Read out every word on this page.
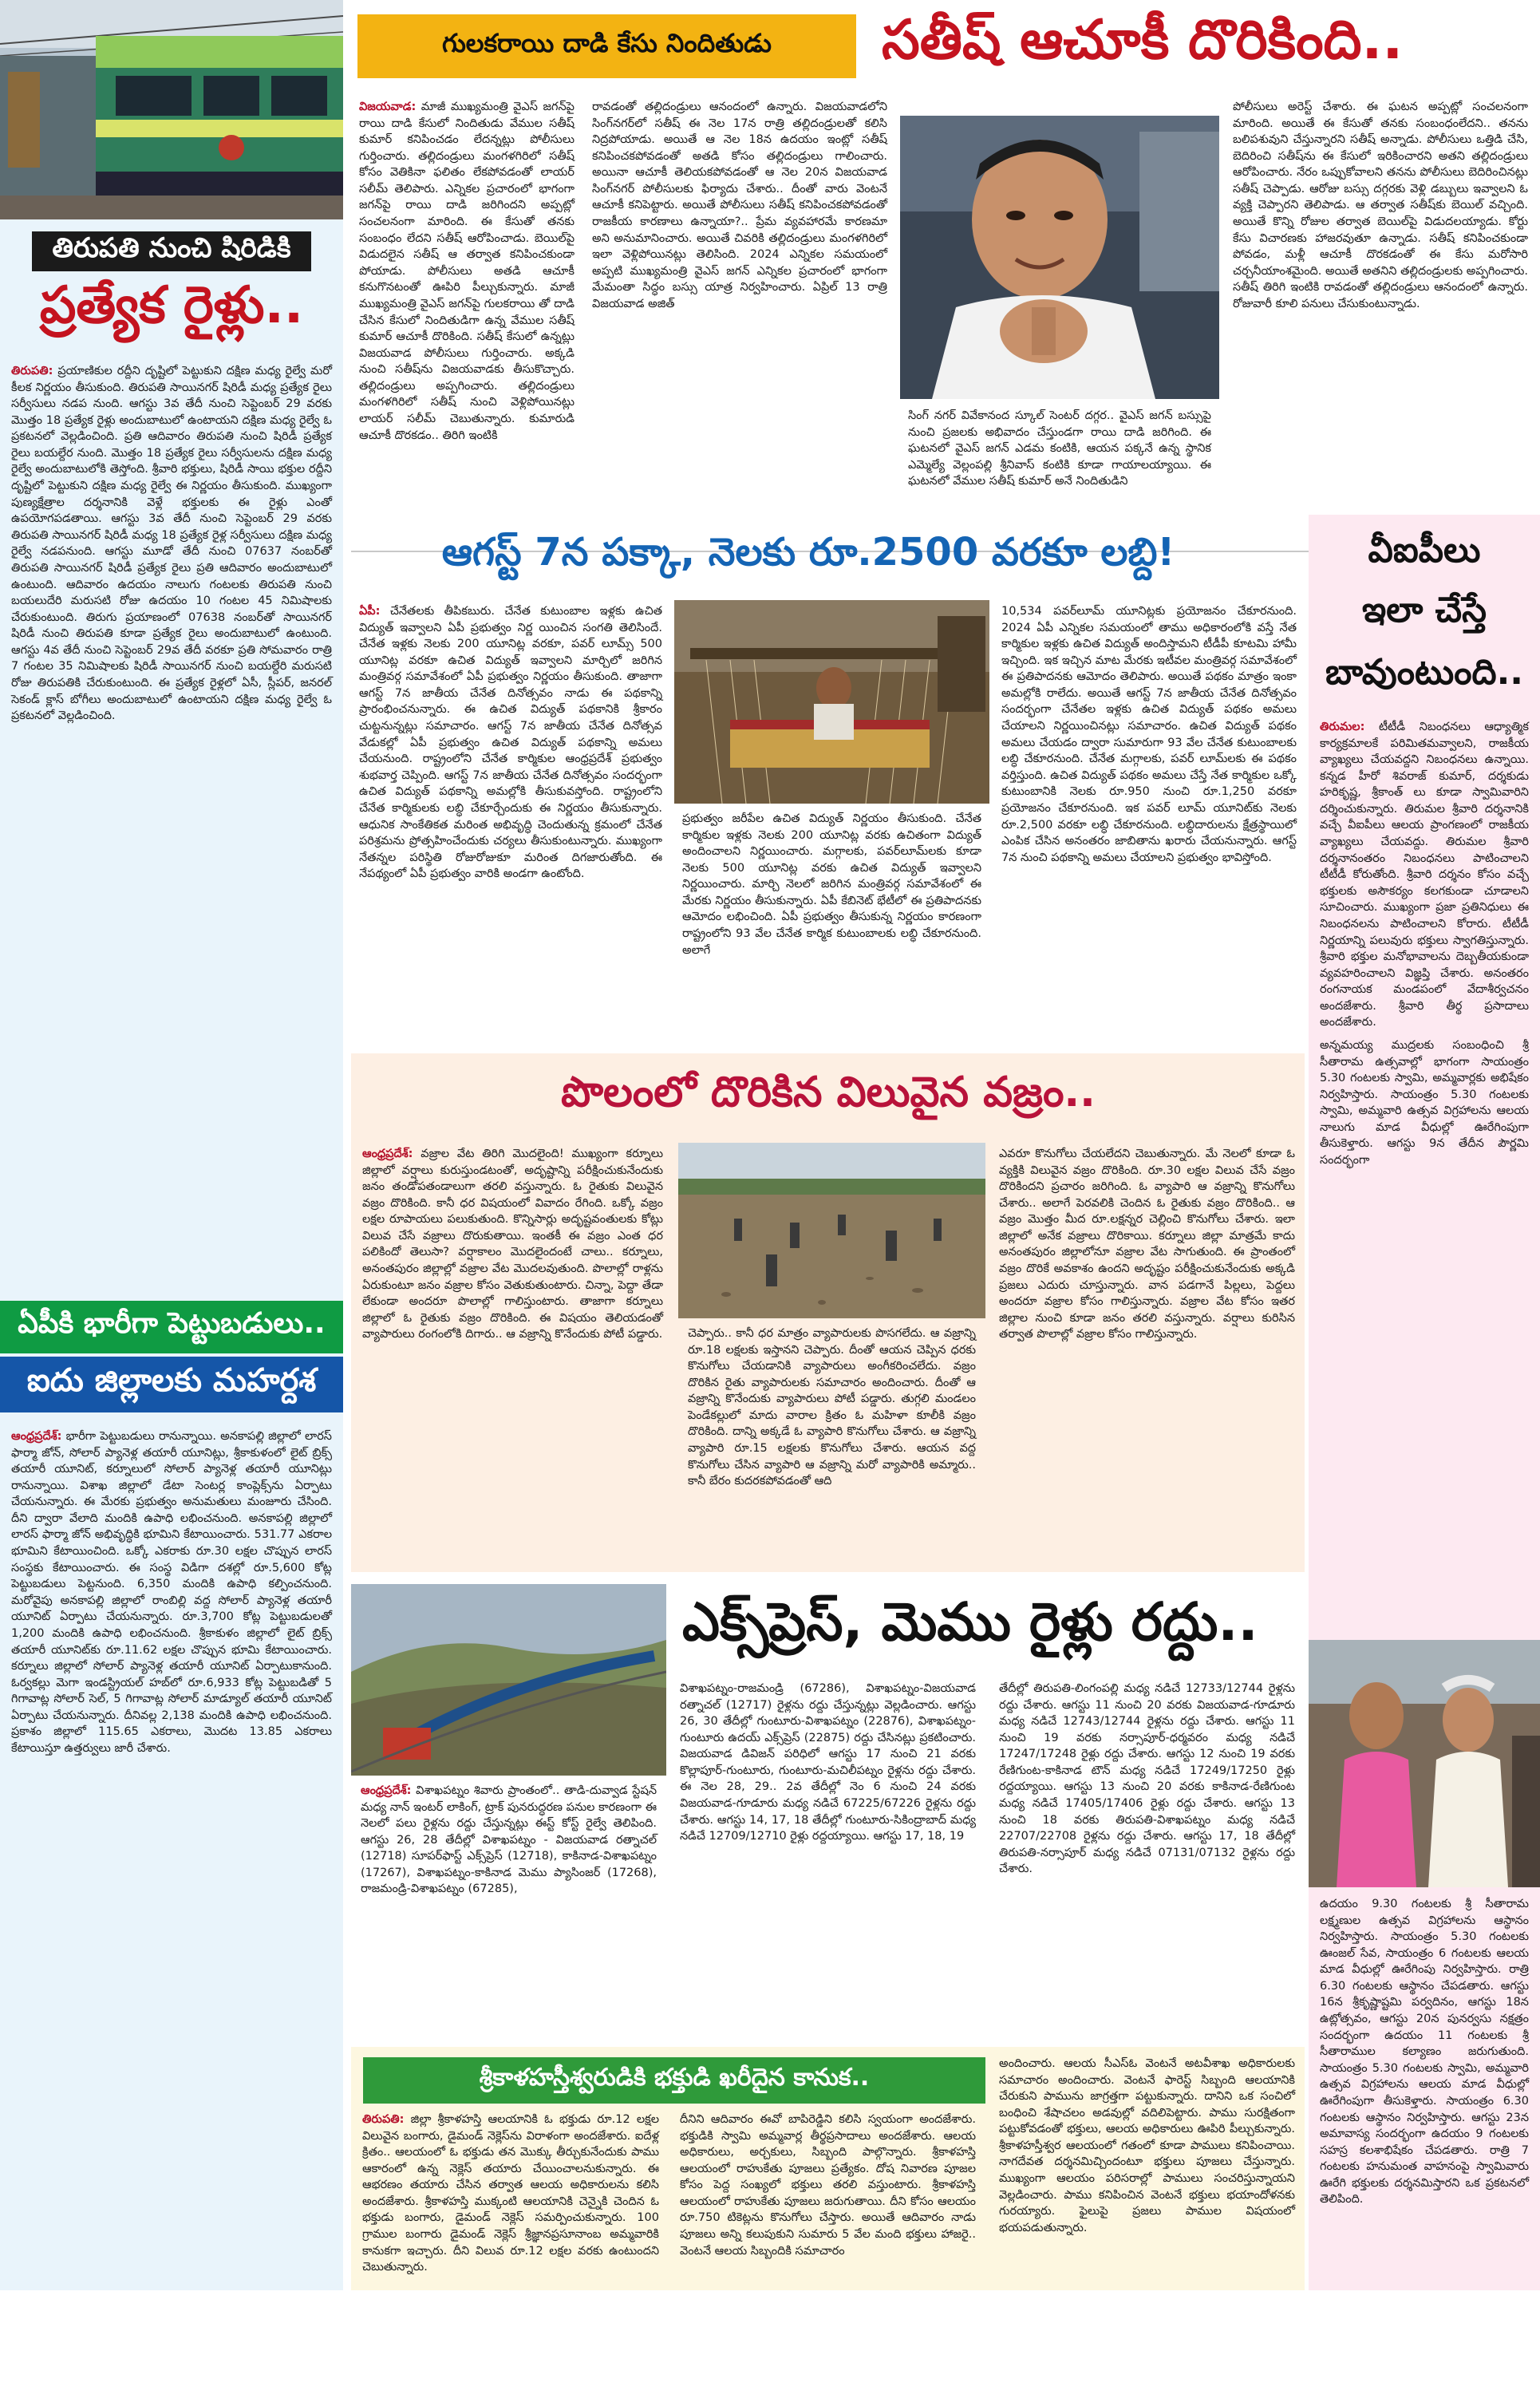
తిరుపతి నుంచి షిరిడికి
ప్రత్యేక రైళ్లు..
తిరుపతి: ప్రయాణికుల రద్దీని దృష్టిలో పెట్టుకుని దక్షిణ మధ్య రైల్వే మరో కీలక నిర్ణయం తీసుకుంది. తిరుపతి సాయినగర్ షిరిడీ మధ్య ప్రత్యేక రైలు సర్వీసులు నడప నుంది. ఆగస్టు 3వ తేదీ నుంచి సెప్టెంబర్ 29 వరకు మొత్తం 18 ప్రత్యేక రైళ్లు అందుబాటులో ఉంటాయని దక్షిణ మధ్య రైల్వే ఓ ప్రకటనలో వెల్లడించింది. ప్రతి ఆదివారం తిరుపతి నుంచి షిరిడీ ప్రత్యేక రైలు బయల్దేర నుంది. మొత్తం 18 ప్రత్యేక రైలు సర్వీసులను దక్షిణ మధ్య రైల్వే అందుబాటులోకి తెస్తోంది. శ్రీవారి భక్తులు, షిరిడీ సాయి భక్తుల రద్దీని దృష్టిలో పెట్టుకుని దక్షిణ మధ్య రైల్వే ఈ నిర్ణయం తీసుకుంది. ముఖ్యంగా పుణ్యక్షేత్రాల దర్శనానికి వెళ్లే భక్తులకు ఈ రైళ్లు ఎంతో ఉపయోగపడతాయి. ఆగస్టు 3వ తేదీ నుంచి సెప్టెంబర్ 29 వరకు తిరుపతి సాయినగర్ షిరిడీ మధ్య 18 ప్రత్యేక రైళ్ల సర్వీసులు దక్షిణ మధ్య రైల్వే నడపనుంది. ఆగస్టు మూడో తేదీ నుంచి 07637 నంబర్‌తో తిరుపతి సాయినగర్ షిరిడీ ప్రత్యేక రైలు ప్రతి ఆదివారం అందుబాటులో ఉంటుంది. ఆదివారం ఉదయం నాలుగు గంటలకు తిరుపతి నుంచి బయలుదేరి మరుసటి రోజు ఉదయం 10 గంటల 45 నిమిషాలకు చేరుకుంటుంది. తిరుగు ప్రయాణంలో 07638 నంబర్‌తో సాయినగర్ షిరిడీ నుంచి తిరుపతి కూడా ప్రత్యేక రైలు అందుబాటులో ఉంటుంది. ఆగస్టు 4వ తేదీ నుంచి సెప్టెంబర్ 29వ తేదీ వరకూ ప్రతి సోమవారం రాత్రి 7 గంటల 35 నిమిషాలకు షిరిడీ సాయినగర్ నుంచి బయల్దేరి మరుసటి రోజు తిరుపతికి చేరుకుంటుంది. ఈ ప్రత్యేక రైళ్లలో ఏసీ, స్లీపర్, జనరల్ సెకండ్ క్లాస్ బోగీలు అందుబాటులో ఉంటాయని దక్షిణ మధ్య రైల్వే ఓ ప్రకటనలో వెల్లడించింది.
ఏపీకి భారీగా పెట్టుబడులు..
ఐదు జిల్లాలకు మహర్దశ
ఆంధ్రప్రదేశ్: భారీగా పెట్టుబడులు రానున్నాయి. అనకాపల్లి జిల్లాలో లారస్ ఫార్మా జోన్, సోలార్ ప్యానెళ్ల తయారీ యూనిట్లు, శ్రీకాకుళంలో లైట్ బ్రిక్స్ తయారీ యూనిట్, కర్నూలులో సోలార్ ప్యానెళ్ల తయారీ యూనిట్లు రానున్నాయి. విశాఖ జిల్లాలో డేటా సెంటర్ల కాంప్లెక్స్‌ను ఏర్పాటు చేయనున్నారు. ఈ మేరకు ప్రభుత్వం అనుమతులు మంజూరు చేసింది. దీని ద్వారా వేలాది మందికి ఉపాధి లభించనుంది. అనకాపల్లి జిల్లాలో లారస్ ఫార్మా జోన్ అభివృద్ధికి భూమిని కేటాయించారు. 531.77 ఎకరాల భూమిని కేటాయించింది. ఒక్కో ఎకరాకు రూ.30 లక్షల చొప్పున లారస్ సంస్థకు కేటాయించారు. ఈ సంస్థ విడిగా దశల్లో రూ.5,600 కోట్ల పెట్టుబడులు పెట్టనుంది. 6,350 మందికి ఉపాధి కల్పించనుంది. మరోవైపు అనకాపల్లి జిల్లాలో రాంబిల్లి వద్ద సోలార్ ప్యానెళ్ల తయారీ యూనిట్ ఏర్పాటు చేయనున్నారు. రూ.3,700 కోట్ల పెట్టుబడులతో 1,200 మందికి ఉపాధి లభించనుంది. శ్రీకాకుళం జిల్లాలో లైట్ బ్రిక్స్ తయారీ యూనిట్‌కు రూ.11.62 లక్షల చొప్పున భూమి కేటాయించారు. కర్నూలు జిల్లాలో సోలార్ ప్యానెళ్ల తయారీ యూనిట్ ఏర్పాటుకానుంది. ఓర్వకల్లు మెగా ఇండస్ట్రియల్ హబ్‌లో రూ.6,933 కోట్ల పెట్టుబడితో 5 గిగావాట్ల సోలార్ సెల్, 5 గిగావాట్ల సోలార్ మాడ్యూల్ తయారీ యూనిట్ ఏర్పాటు చేయనున్నారు. దీనివల్ల 2,138 మందికి ఉపాధి లభించనుంది. ప్రకాశం జిల్లాలో 115.65 ఎకరాలు, మొదట 13.85 ఎకరాలు కేటాయిస్తూ ఉత్తర్వులు జారీ చేశారు.
గులకరాయి దాడి కేసు నిందితుడు	సతీష్ ఆచూకీ దొరికింది..
విజయవాడ: మాజీ ముఖ్యమంత్రి వైఎస్ జగన్‌పై రాయి దాడి కేసులో నిందితుడు వేముల సతీష్ కుమార్ కనిపించడం లేదన్నట్లు పోలీసులు గుర్తించారు. తల్లిదండ్రులు మంగళగిరి‌లో సతీష్ కోసం వెతికినా ఫలితం లేకపోవడంతో లాయర్ సలీమ్ తెలిపారు. ఎన్నికల ప్రచారంలో భాగంగా జగన్‌పై రాయి దాడి జరిగిందని అప్పట్లో సంచలనంగా మారింది. ఈ కేసుతో తనకు సంబంధం లేదని సతీష్ ఆరోపించాడు. బెయిల్‌పై విడుదలైన సతీష్ ఆ తర్వాత కనిపించకుండా పోయాడు. పోలీసులు అతడి ఆచూకీ కనుగొనటంతో ఊపిరి పీల్చుకున్నారు. మాజీ ముఖ్యమంత్రి వైఎస్ జగన్‌పై గులకరాయి తో దాడి చేసిన కేసులో నిందితుడిగా ఉన్న వేముల సతీష్ కుమార్ ఆచూకీ దొరికింది. సతీష్ కేసులో ఉన్నట్లు విజయవాడ పోలీసులు గుర్తించారు. అక్కడి నుంచి సతీష్‌ను విజయవాడకు తీసుకొచ్చారు. తల్లిదండ్రులు అప్పగించారు. తల్లిదండ్రులు మంగళగిరిలో సతీష్ నుంచి వెళ్లిపోయినట్లు లాయర్ సలీమ్ చెబుతున్నారు. కుమారుడి ఆచూకీ దొరకడం.. తిరిగి ఇంటికి
రావడంతో తల్లిదండ్రులు ఆనందంలో ఉన్నారు. విజయవాడలోని సింగ్‌నగర్‌లో సతీష్ ఈ నెల 17న రాత్రి తల్లిదండ్రులతో కలిసి నిద్రపోయాడు. అయితే ఆ నెల 18న ఉదయం ఇంట్లో సతీష్ కనిపించకపోవడంతో అతడి కోసం తల్లిదండ్రులు గాలించారు. అయినా ఆచూకీ తెలియకపోవడంతో ఆ నెల 20న విజయవాడ సింగ్‌నగర్ పోలీసులకు ఫిర్యాదు చేశారు.. దీంతో వారు వెంటనే ఆచూకీ కనిపెట్టారు. అయితే పోలీసులు సతీష్ కనిపించకపోవడంతో రాజకీయ కారణాలు ఉన్నాయా?.. ప్రేమ వ్యవహారమే కారణమా అని అనుమానించారు. అయితే చివరికి తల్లిదండ్రులు మంగళగిరిలో ఇలా వెళ్లిపోయినట్లు తెలిసింది. 2024 ఎన్నికల సమయంలో అప్పటి ముఖ్యమంత్రి వైఎస్ జగన్ ఎన్నికల ప్రచారంలో భాగంగా మేమంతా సిద్ధం బస్సు యాత్ర నిర్వహించారు. ఏప్రిల్ 13 రాత్రి విజయవాడ అజిత్
సింగ్ నగర్ వివేకానంద స్కూల్ సెంటర్ దగ్గర.. వైఎస్ జగన్ బస్సుపై నుంచి ప్రజలకు అభివాదం చేస్తుండగా రాయి దాడి జరిగింది. ఈ ఘటనలో వైఎస్ జగన్ ఎడమ కంటికి, ఆయన పక్కనే ఉన్న స్థానిక ఎమ్మెల్యే వెల్లంపల్లి శ్రీనివాస్ కంటికి కూడా గాయాలయ్యాయి. ఈ ఘటనలో వేముల సతీష్ కుమార్ అనే నిందితుడిని
పోలీసులు అరెస్ట్ చేశారు. ఈ ఘటన అప్పట్లో సంచలనంగా మారింది. అయితే ఈ కేసుతో తనకు సంబంధంలేదని.. తనను బలిపశువుని చేస్తున్నారని సతీష్ అన్నాడు. పోలీసులు ఒత్తిడి చేసి, బెదిరించి సతీష్‌ను ఈ కేసులో ఇరికించారని అతని తల్లిదండ్రులు ఆరోపించారు. నేరం ఒప్పుకోవాలని తనను పోలీసులు బెదిరించినట్లు సతీష్ చెప్పాడు. ఆరోజు బస్సు దగ్గరకు వెళ్లి డబ్బులు ఇవ్వాలని ఓ వ్యక్తి చెప్పారని తెలిపాడు. ఆ తర్వాత సతీష్‌కు బెయిల్ వచ్చింది. అయితే కొన్ని రోజుల తర్వాత బెయిల్‌పై విడుదలయ్యాడు. కోర్టు కేసు విచారణకు హాజరవుతూ ఉన్నాడు. సతీష్ కనిపించకుండా పోవడం, మళ్లీ ఆచూకీ దొరకడంతో ఈ కేసు మరోసారి చర్చనీయాంశమైంది. అయితే అతనిని తల్లిదండ్రులకు అప్పగించారు. సతీష్ తిరిగి ఇంటికి రావడంతో తల్లిదండ్రులు ఆనందంలో ఉన్నారు. రోజువారీ కూలి పనులు చేసుకుంటున్నాడు.
ఆగస్ట్ 7న పక్కా, నెలకు రూ.2500 వరకూ లబ్ది!
ఏపీ: చేనేతలకు తీపికబురు. చేనేత కుటుంబాల ఇళ్లకు ఉచిత విద్యుత్ ఇవ్వాలని ఏపీ ప్రభుత్వం నిర్ణ యించిన సంగతి తెలిసిందే. చేనేత ఇళ్లకు నెలకు 200 యూనిట్ల వరకూ, పవర్ లూమ్స్ 500 యూనిట్ల వరకూ ఉచిత విద్యుత్ ఇవ్వాలని మార్చిలో జరిగిన మంత్రివర్గ సమావేశంలో ఏపీ ప్రభుత్వం నిర్ణయం తీసుకుంది. తాజాగా ఆగస్ట్ 7న జాతీయ చేనేత దినోత్సవం నాడు ఈ పథకాన్ని ప్రారంభించనున్నారు. ఈ ఉచిత విద్యుత్ పథకానికి శ్రీకారం చుట్టనున్నట్లు సమాచారం. ఆగస్ట్ 7న జాతీయ చేనేత దినోత్సవ వేడుకల్లో ఏపీ ప్రభుత్వం ఉచిత విద్యుత్ పథకాన్ని అమలు చేయనుంది. రాష్ట్రంలోని చేనేత కార్మికుల ఆంధ్రప్రదేశ్ ప్రభుత్వం శుభవార్త చెప్పింది. ఆగస్ట్ 7న జాతీయ చేనేత దినోత్సవం సందర్భంగా ఉచిత విద్యుత్ పథకాన్ని అమల్లోకి తీసుకువస్తోంది. రాష్ట్రంలోని చేనేత కార్మికులకు లబ్ధి చేకూర్చేందుకు ఈ నిర్ణయం తీసుకున్నారు. ఆధునిక సాంకేతికత మరింత అభివృద్ధి చెందుతున్న క్రమంలో చేనేత పరిశ్రమను ప్రోత్సహించేందుకు చర్యలు తీసుకుంటున్నారు. ముఖ్యంగా నేతన్నల పరిస్థితి రోజురోజుకూ మరింత దిగజారుతోంది. ఈ నేపథ్యంలో ఏపీ ప్రభుత్వం వారికి అండగా ఉంటోంది.
ప్రభుత్వం జరీపేల ఉచిత విద్యుత్ నిర్ణయం తీసుకుంది. చేనేత కార్మికుల ఇళ్లకు నెలకు 200 యూనిట్ల వరకు ఉచితంగా విద్యుత్ అందించాలని నిర్ణయించారు. మగ్గాలకు, పవర్‌లూమ్‌లకు కూడా నెలకు 500 యూనిట్ల వరకు ఉచిత విద్యుత్ ఇవ్వాలని నిర్ణయించారు. మార్చి నెలలో జరిగిన మంత్రివర్గ సమావేశంలో ఈ మేరకు నిర్ణయం తీసుకున్నారు. ఏపీ కేబినెట్ భేటీలో ఈ ప్రతిపాదనకు ఆమోదం లభించింది. ఏపీ ప్రభుత్వం తీసుకున్న నిర్ణయం కారణంగా రాష్ట్రంలోని 93 వేల చేనేత కార్మిక కుటుంబాలకు లబ్ధి చేకూరనుంది. అలాగే
10,534 పవర్‌లూమ్ యూనిట్లకు ప్రయోజనం చేకూరనుంది. 2024 ఏపీ ఎన్నికల సమయంలో తాము అధికారంలోకి వస్తే నేత కార్మికుల ఇళ్లకు ఉచిత విద్యుత్ అందిస్తామని టీడీపీ కూటమి హామీ ఇచ్చింది. ఇక ఇచ్చిన మాట మేరకు ఇటీవల మంత్రివర్గ సమావేశంలో ఈ ప్రతిపాదనకు ఆమోదం తెలిపారు. అయితే పథకం మాత్రం ఇంకా అమల్లోకి రాలేదు. అయితే ఆగస్ట్ 7న జాతీయ చేనేత దినోత్సవం సందర్భంగా చేనేతల ఇళ్లకు ఉచిత విద్యుత్ పథకం అమలు చేయాలని నిర్ణయించినట్లు సమాచారం. ఉచిత విద్యుత్ పథకం అమలు చేయడం ద్వారా సుమారుగా 93 వేల చేనేత కుటుంబాలకు లబ్ధి చేకూరనుంది. చేనేత మగ్గాలకు, పవర్ లూమ్‌లకు ఈ పథకం వర్తిస్తుంది. ఉచిత విద్యుత్ పథకం అమలు చేస్తే నేత కార్మికుల ఒక్కో కుటుంబానికి నెలకు రూ.950 నుంచి రూ.1,250 వరకూ ప్రయోజనం చేకూరనుంది. ఇక పవర్ లూమ్ యూనిట్‌కు నెలకు రూ.2,500 వరకూ లబ్ధి చేకూరనుంది. లబ్ధిదారులను క్షేత్రస్థాయిలో ఎంపిక చేసిన అనంతరం జాబితాను ఖరారు చేయనున్నారు. ఆగస్ట్ 7న నుంచి పథకాన్ని అమలు చేయాలని ప్రభుత్వం భావిస్తోంది.
వీఐపీలు
ఇలా చేస్తే
బావుంటుంది..
తిరుమల: టీటీడీ నిబంధనలు ఆధ్యాత్మిక కార్యక్రమాలకే పరిమితమవ్వాలని, రాజకీయ వ్యాఖ్యలు చేయవద్దని నిబంధనలు ఉన్నాయి. కన్నడ హీరో శివరాజ్ కుమార్, దర్శకుడు హరికృష్ణ, శ్రీకాంత్ లు కూడా స్వామివారిని దర్శించుకున్నారు. తిరుమల శ్రీవారి దర్శనానికి వచ్చే వీఐపీలు ఆలయ ప్రాంగణంలో రాజకీయ వ్యాఖ్యలు చేయవద్దు. తిరుమల శ్రీవారి దర్శనానంతరం నిబంధనలు పాటించాలని టీటీడీ కోరుతోంది. శ్రీవారి దర్శనం కోసం వచ్చే భక్తులకు అసౌకర్యం కలగకుండా చూడాలని సూచించారు. ముఖ్యంగా ప్రజా ప్రతినిధులు ఈ నిబంధనలను పాటించాలని కోరారు. టీటీడీ నిర్ణయాన్ని పలువురు భక్తులు స్వాగతిస్తున్నారు. శ్రీవారి భక్తుల మనోభావాలను దెబ్బతీయకుండా వ్యవహరించాలని విజ్ఞప్తి చేశారు. అనంతరం రంగనాయక మండపంలో వేదాశీర్వచనం అందజేశారు. శ్రీవారి తీర్థ ప్రసాదాలు అందజేశారు.

అన్నమయ్య ముద్రలకు సంబంధించి శ్రీ సీతారామ ఉత్సవాల్లో భాగంగా సాయంత్రం 5.30 గంటలకు స్వామి, అమ్మవార్లకు అభిషేకం నిర్వహిస్తారు. సాయంత్రం 5.30 గంటలకు స్వామి, అమ్మవారి ఉత్సవ విగ్రహాలను ఆలయ నాలుగు మాడ వీధుల్లో ఊరేగింపుగా తీసుకెళ్తారు. ఆగస్టు 9న తేదీన పౌర్ణమి సందర్భంగా

ఉదయం 9.30 గంటలకు శ్రీ సీతారామ లక్ష్మణుల ఉత్సవ విగ్రహాలను ఆస్థానం నిర్వహిస్తారు. సాయంత్రం 5.30 గంటలకు ఊంజల్ సేవ, సాయంత్రం 6 గంటలకు ఆలయ మాడ వీధుల్లో ఊరేగింపు నిర్వహిస్తారు. రాత్రి 6.30 గంటలకు ఆస్థానం చేపడతారు. ఆగస్టు 16న శ్రీకృష్ణాష్టమి పర్వదినం, ఆగస్టు 18న ఉట్లోత్సవం, ఆగస్టు 20న పునర్వసు నక్షత్రం సందర్భంగా ఉదయం 11 గంటలకు శ్రీ సీతారాముల కల్యాణం జరుగుతుంది. సాయంత్రం 5.30 గంటలకు స్వామి, అమ్మవారి ఉత్సవ విగ్రహాలను ఆలయ మాడ వీధుల్లో ఊరేగింపుగా తీసుకెళ్తారు. సాయంత్రం 6.30 గంటలకు ఆస్థానం నిర్వహిస్తారు. ఆగస్టు 23న అమావాస్య సందర్భంగా ఉదయం 9 గంటలకు సహస్ర కలశాభిషేకం చేపడతారు. రాత్రి 7 గంటలకు హనుమంత వాహనంపై స్వామివారు ఊరేగి భక్తులకు దర్శనమిస్తారని ఒక ప్రకటనలో తెలిపింది.
పొలంలో దొరికిన విలువైన వజ్రం..
ఆంధ్రప్రదేశ్: వజ్రాల వేట తిరిగి మొదలైంది! ముఖ్యంగా కర్నూలు జిల్లాలో వర్షాలు కురుస్తుండటంతో, అదృష్టాన్ని పరీక్షించుకునేందుకు జనం తండోపతండాలుగా తరలి వస్తున్నారు. ఓ రైతుకు విలువైన వజ్రం దొరికింది. కానీ ధర విషయంలో వివాదం రేగింది. ఒక్కో వజ్రం లక్షల రూపాయలు పలుకుతుంది. కొన్నిసార్లు అదృష్టవంతులకు కోట్లు విలువ చేసే వజ్రాలు దొరుకుతాయి. ఇంతకీ ఈ వజ్రం ఎంత ధర పలికిందో తెలుసా? వర్షాకాలం మొదలైందంటే చాలు.. కర్నూలు, అనంతపురం జిల్లాల్లో వజ్రాల వేట మొదలవుతుంది. పొలాల్లో రాళ్లను ఏరుకుంటూ జనం వజ్రాల కోసం వెతుకుతుంటారు. చిన్నా, పెద్దా తేడా లేకుండా అందరూ పొలాల్లో గాలిస్తుంటారు. తాజాగా కర్నూలు జిల్లాలో ఓ రైతుకు వజ్రం దొరికింది. ఈ విషయం తెలియడంతో వ్యాపారులు రంగంలోకి దిగారు.. ఆ వజ్రాన్ని కొనేందుకు పోటీ పడ్డారు.	చెప్పారు.. కానీ ధర మాత్రం వ్యాపారులకు పొసగలేదు. ఆ వజ్రాన్ని రూ.18 లక్షలకు ఇస్తానని చెప్పారు. దీంతో ఆయన చెప్పిన ధరకు కొనుగోలు చేయడానికి వ్యాపారులు అంగీకరించలేదు. వజ్రం దొరికిన రైతు వ్యాపారులకు సమాచారం అందించారు. దీంతో ఆ వజ్రాన్ని కొనేందుకు వ్యాపారులు పోటీ పడ్డారు. తుగ్గలి మండలం పెండేకల్లులో మాదు వారాల క్రితం ఓ మహిళా కూలీకి వజ్రం దొరికింది. దాన్ని అక్కడే ఓ వ్యాపారి కొనుగోలు చేశారు. ఆ వజ్రాన్ని వ్యాపారి రూ.15 లక్షలకు కొనుగోలు చేశారు. ఆయన వద్ద కొనుగోలు చేసిన వ్యాపారి ఆ వజ్రాన్ని మరో వ్యాపారికి అమ్మారు.. కానీ బేరం కుదరకపోవడంతో ఆది
ఎవరూ కొనుగోలు చేయలేదని చెబుతున్నారు. మే నెలలో కూడా ఓ వ్యక్తికి విలువైన వజ్రం దొరికింది. రూ.30 లక్షల విలువ చేసే వజ్రం దొరికిందని ప్రచారం జరిగింది. ఓ వ్యాపారి ఆ వజ్రాన్ని కొనుగోలు చేశారు.. అలాగే పెరవలికి చెందిన ఓ రైతుకు వజ్రం దొరికింది.. ఆ వజ్రం మొత్తం మీద రూ.లక్షన్నర చెల్లించి కొనుగోలు చేశారు. ఇలా జిల్లాలో అనేక వజ్రాలు దొరికాయి. కర్నూలు జిల్లా మాత్రమే కాదు అనంతపురం జిల్లాలోనూ వజ్రాల వేట సాగుతుంది. ఈ ప్రాంతంలో వజ్రం దొరికే అవకాశం ఉందని అదృష్టం పరీక్షించుకునేందుకు అక్కడి ప్రజలు ఎదురు చూస్తున్నారు. వాన పడగానే పిల్లలు, పెద్దలు అందరూ వజ్రాల కోసం గాలిస్తున్నారు. వజ్రాల వేట కోసం ఇతర జిల్లాల నుంచి కూడా జనం తరలి వస్తున్నారు. వర్షాలు కురిసిన తర్వాత పొలాల్లో వజ్రాల కోసం గాలిస్తున్నారు.
ఎక్స్‌ప్రెస్, మెము రైళ్లు రద్దు..
ఆంధ్రప్రదేశ్: విశాఖపట్నం శివారు ప్రాంతంలో.. తాడి-దువ్వాడ స్టేషన్ మధ్య నాన్ ఇంటర్ లాకింగ్, ట్రాక్ పునరుద్ధరణ పనుల కారణంగా ఈ నెలలో పలు రైళ్లను రద్దు చేస్తున్నట్లు ఈస్ట్ కోస్ట్ రైల్వే తెలిపింది. ఆగస్టు 26, 28 తేదీల్లో విశాఖపట్నం - విజయవాడ రత్నాచల్ (12718) సూపర్‌ఫాస్ట్ ఎక్స్‌ప్రెస్ (12718), కాకినాడ-విశాఖపట్నం (17267), విశాఖపట్నం-కాకినాడ మెము ప్యాసింజర్ (17268), రాజమండ్రి-విశాఖపట్నం (67285),
విశాఖపట్నం-రాజమండ్రి (67286), విశాఖపట్నం-విజయవాడ రత్నాచల్ (12717) రైళ్లను రద్దు చేస్తున్నట్లు వెల్లడించారు. ఆగస్టు 26, 30 తేదీల్లో గుంటూరు-విశాఖపట్నం (22876), విశాఖపట్నం-గుంటూరు ఉదయ్ ఎక్స్‌ప్రెస్ (22875) రద్దు చేసినట్లు ప్రకటించారు. విజయవాడ డివిజన్ పరిధిలో ఆగస్టు 17 నుంచి 21 వరకు కొల్లాపూర్-గుంటూరు, గుంటూరు-మచిలీపట్నం రైళ్లను రద్దు చేశారు. ఈ నెల 28, 29.. 2వ తేదీల్లో నెం 6 నుంచి 24 వరకు విజయవాడ-గూడూరు మధ్య నడిచే 67225/67226 రైళ్లను రద్దు చేశారు. ఆగస్టు 14, 17, 18 తేదీల్లో గుంటూరు-సికింద్రాబాద్ మధ్య నడిచే 12709/12710 రైళ్లు రద్దయ్యాయి. ఆగస్టు 17, 18, 19
తేదీల్లో తిరుపతి-లింగంపల్లి మధ్య నడిచే 12733/12744 రైళ్లను రద్దు చేశారు. ఆగస్టు 11 నుంచి 20 వరకు విజయవాడ-గూడూరు మధ్య నడిచే 12743/12744 రైళ్లను రద్దు చేశారు. ఆగస్టు 11 నుంచి 19 వరకు నర్సాపూర్-ధర్మవరం మధ్య నడిచే 17247/17248 రైళ్లు రద్దు చేశారు. ఆగస్టు 12 నుంచి 19 వరకు రేణిగుంట-కాకినాడ టౌన్ మధ్య నడిచే 17249/17250 రైళ్లు రద్దయ్యాయి. ఆగస్టు 13 నుంచి 20 వరకు కాకినాడ-రేణిగుంట మధ్య నడిచే 17405/17406 రైళ్లు రద్దు చేశారు. ఆగస్టు 13 నుంచి 18 వరకు తిరుపతి-విశాఖపట్నం మధ్య నడిచే 22707/22708 రైళ్లను రద్దు చేశారు. ఆగస్టు 17, 18 తేదీల్లో తిరుపతి-నర్సాపూర్ మధ్య నడిచే 07131/07132 రైళ్లను రద్దు చేశారు.
శ్రీకాళహస్తీశ్వరుడికి భక్తుడి ఖరీదైన కానుక..
తిరుపతి: జిల్లా శ్రీకాళహస్తి ఆలయానికి ఓ భక్తుడు రూ.12 లక్షల విలువైన బంగారు, డైమండ్ నెక్లెస్‌ను విరాళంగా అందజేశారు. ఐదేళ్ల క్రితం.. ఆలయంలో ఓ భక్తుడు తన మొక్కు తీర్చుకునేందుకు పాము ఆకారంలో ఉన్న నెక్లెస్ తయారు చేయించాలనుకున్నారు. ఈ ఆభరణం తయారు చేసిన తర్వాత ఆలయ అధికారులను కలిసి అందజేశారు. శ్రీకాళహస్తి ముక్కంటి ఆలయానికి చెన్నైకి చెందిన ఓ భక్తుడు బంగారు, డైమండ్ నెక్లెస్ సమర్పించుకున్నారు. 100 గ్రాముల బంగారు డైమండ్ నెక్లెస్ శ్రీజ్ఞానప్రసూనాంబ అమ్మవారికి కానుకగా ఇచ్చారు. దీని విలువ రూ.12 లక్షల వరకు ఉంటుందని చెబుతున్నారు.
దీనిని ఆదివారం ఈవో బాపిరెడ్డిని కలిసి స్వయంగా అందజేశారు. భక్తుడికి స్వామి అమ్మవార్ల తీర్థప్రసాదాలు అందజేశారు. ఆలయ అధికారులు, అర్చకులు, సిబ్బంది పాల్గొన్నారు. శ్రీకాళహస్తి ఆలయంలో రాహుకేతు పూజలు ప్రత్యేకం. దోష నివారణ పూజల కోసం పెద్ద సంఖ్యలో భక్తులు తరలి వస్తుంటారు. శ్రీకాళహస్తి ఆలయంలో రాహుకేతు పూజలు జరుగుతాయి. దీని కోసం ఆలయం రూ.750 టికెట్లను కొనుగోలు చేస్తారు. అయితే ఆదివారం నాడు పూజలు అన్ని కలుపుకుని సుమారు 5 వేల మంది భక్తులు హాజరై.. వెంటనే ఆలయ సిబ్బందికి సమాచారం
అందించారు. ఆలయ సీఎస్‌ఓ వెంటనే అటవీశాఖ అధికారులకు సమాచారం అందించారు. వెంటనే ఫారెస్ట్ సిబ్బంది ఆలయానికి చేరుకుని పామును జాగ్రత్తగా పట్టుకున్నారు. దానిని ఒక సంచిలో బంధించి శేషాచలం అడవుల్లో వదిలిపెట్టారు. పాము సురక్షితంగా పట్టుకోవడంతో భక్తులు, ఆలయ అధికారులు ఊపిరి పీల్చుకున్నారు. శ్రీకాళహస్తీశ్వర ఆలయంలో గతంలో కూడా పాములు కనిపించాయి. నాగదేవత దర్శనమిచ్చిందంటూ భక్తులు పూజలు చేస్తున్నారు. ముఖ్యంగా ఆలయం పరిసరాల్లో పాములు సంచరిస్తున్నాయని వెల్లడించారు. పాము కనిపించిన వెంటనే భక్తులు భయాందోళనకు గురయ్యారు. ఫైలుపై ప్రజలు పాముల విషయంలో భయపడుతున్నారు.
